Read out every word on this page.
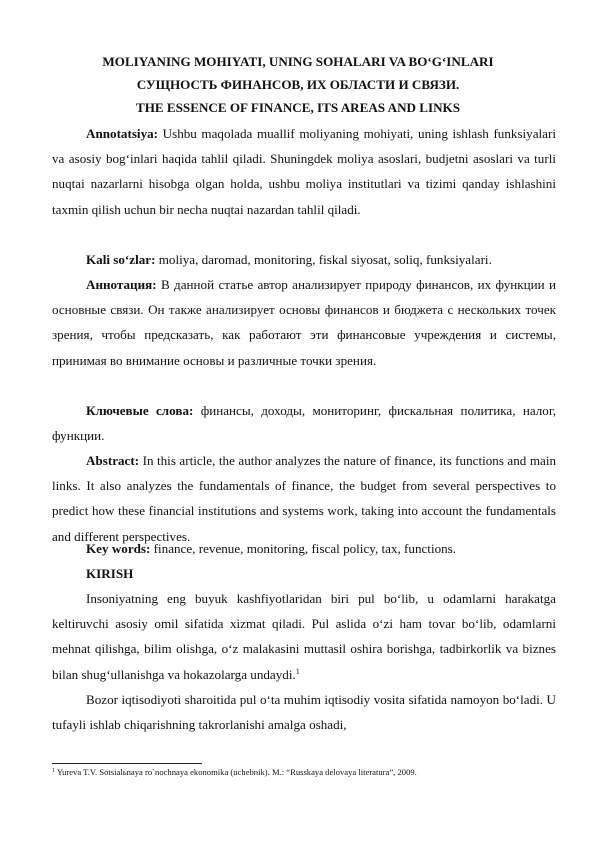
MOLIYANING MOHIYATI, UNING SOHALARI VA BO‘G‘INLARI
СУЩНОСТЬ ФИНАНСОВ, ИХ ОБЛАСТИ И СВЯЗИ.
THE ESSENCE OF FINANCE, ITS AREAS AND LINKS

Annotatsiya: Ushbu maqolada muallif moliyaning mohiyati, uning ishlash funksiyalari va asosiy bog‘inlari haqida tahlil qiladi. Shuningdek moliya asoslari, budjetni asoslari va turli nuqtai nazarlarni hisobga olgan holda, ushbu moliya institutlari va tizimi qanday ishlashini taxmin qilish uchun bir necha nuqtai nazardan tahlil qiladi.

Kali so‘zlar: moliya, daromad, monitoring, fiskal siyosat, soliq, funksiyalari.

Аннотация: В данной статье автор анализирует природу финансов, их функции и основные связи. Он также анализирует основы финансов и бюджета с нескольких точек зрения, чтобы предсказать, как работают эти финансовые учреждения и системы, принимая во внимание основы и различные точки зрения.

Ключевые слова: финансы, доходы, мониторинг, фискальная политика, налог, функции.

Abstract: In this article, the author analyzes the nature of finance, its functions and main links. It also analyzes the fundamentals of finance, the budget from several perspectives to predict how these financial institutions and systems work, taking into account the fundamentals and different perspectives.

Key words: finance, revenue, monitoring, fiscal policy, tax, functions.

KIRISH

Insoniyatning eng buyuk kashfiyotlaridan biri pul bo‘lib, u odamlarni harakatga keltiruvchi asosiy omil sifatida xizmat qiladi. Pul aslida o‘zi ham tovar bo‘lib, odamlarni mehnat qilishga, bilim olishga, o‘z malakasini muttasil oshira borishga, tadbirkorlik va biznes bilan shug‘ullanishga va hokazolarga undaydi.$^1$

Bozor iqtisodiyoti sharoitida pul o‘ta muhim iqtisodiy vosita sifatida namoyon bo‘ladi. U tufayli ishlab chiqarishning takrorlanishi amalga oshadi,

$^1$ Yureva T.V. Sotsialьnaya ro`nochnaya ekonomika (uchebnik). M.: “Russkaya delovaya literatura”, 2009.
